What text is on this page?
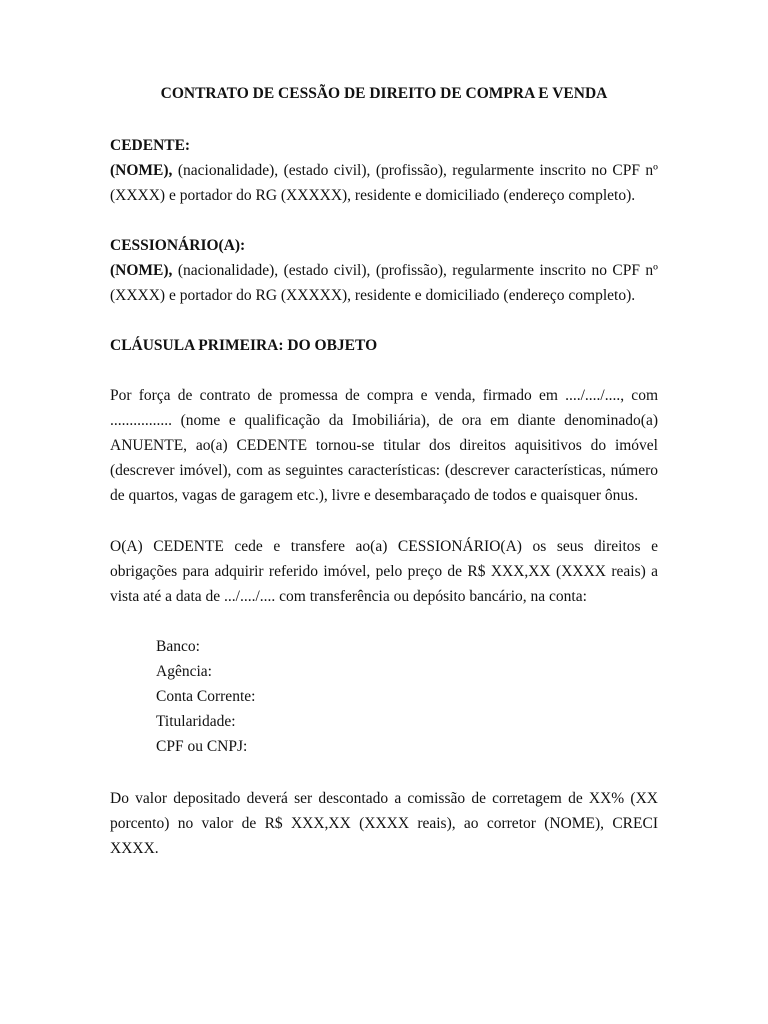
CONTRATO DE CESSÃO DE DIREITO DE COMPRA E VENDA
CEDENTE:
(NOME), (nacionalidade), (estado civil), (profissão), regularmente inscrito no CPF nº (XXXX) e portador do RG (XXXXX), residente e domiciliado (endereço completo).
CESSIONÁRIO(A):
(NOME), (nacionalidade), (estado civil), (profissão), regularmente inscrito no CPF nº (XXXX) e portador do RG (XXXXX), residente e domiciliado (endereço completo).
CLÁUSULA PRIMEIRA: DO OBJETO
Por força de contrato de promessa de compra e venda, firmado em ..../..../...., com ................ (nome e qualificação da Imobiliária), de ora em diante denominado(a) ANUENTE, ao(a) CEDENTE tornou-se titular dos direitos aquisitivos do imóvel (descrever imóvel), com as seguintes características: (descrever características, número de quartos, vagas de garagem etc.), livre e desembaraçado de todos e quaisquer ônus.
O(A) CEDENTE cede e transfere ao(a) CESSIONÁRIO(A) os seus direitos e obrigações para adquirir referido imóvel, pelo preço de R$ XXX,XX (XXXX reais) a vista até a data de .../..../.... com transferência ou depósito bancário, na conta:
Banco:
Agência:
Conta Corrente:
Titularidade:
CPF ou CNPJ:
Do valor depositado deverá ser descontado a comissão de corretagem de XX% (XX porcento) no valor de R$ XXX,XX (XXXX reais), ao corretor (NOME), CRECI XXXX.
